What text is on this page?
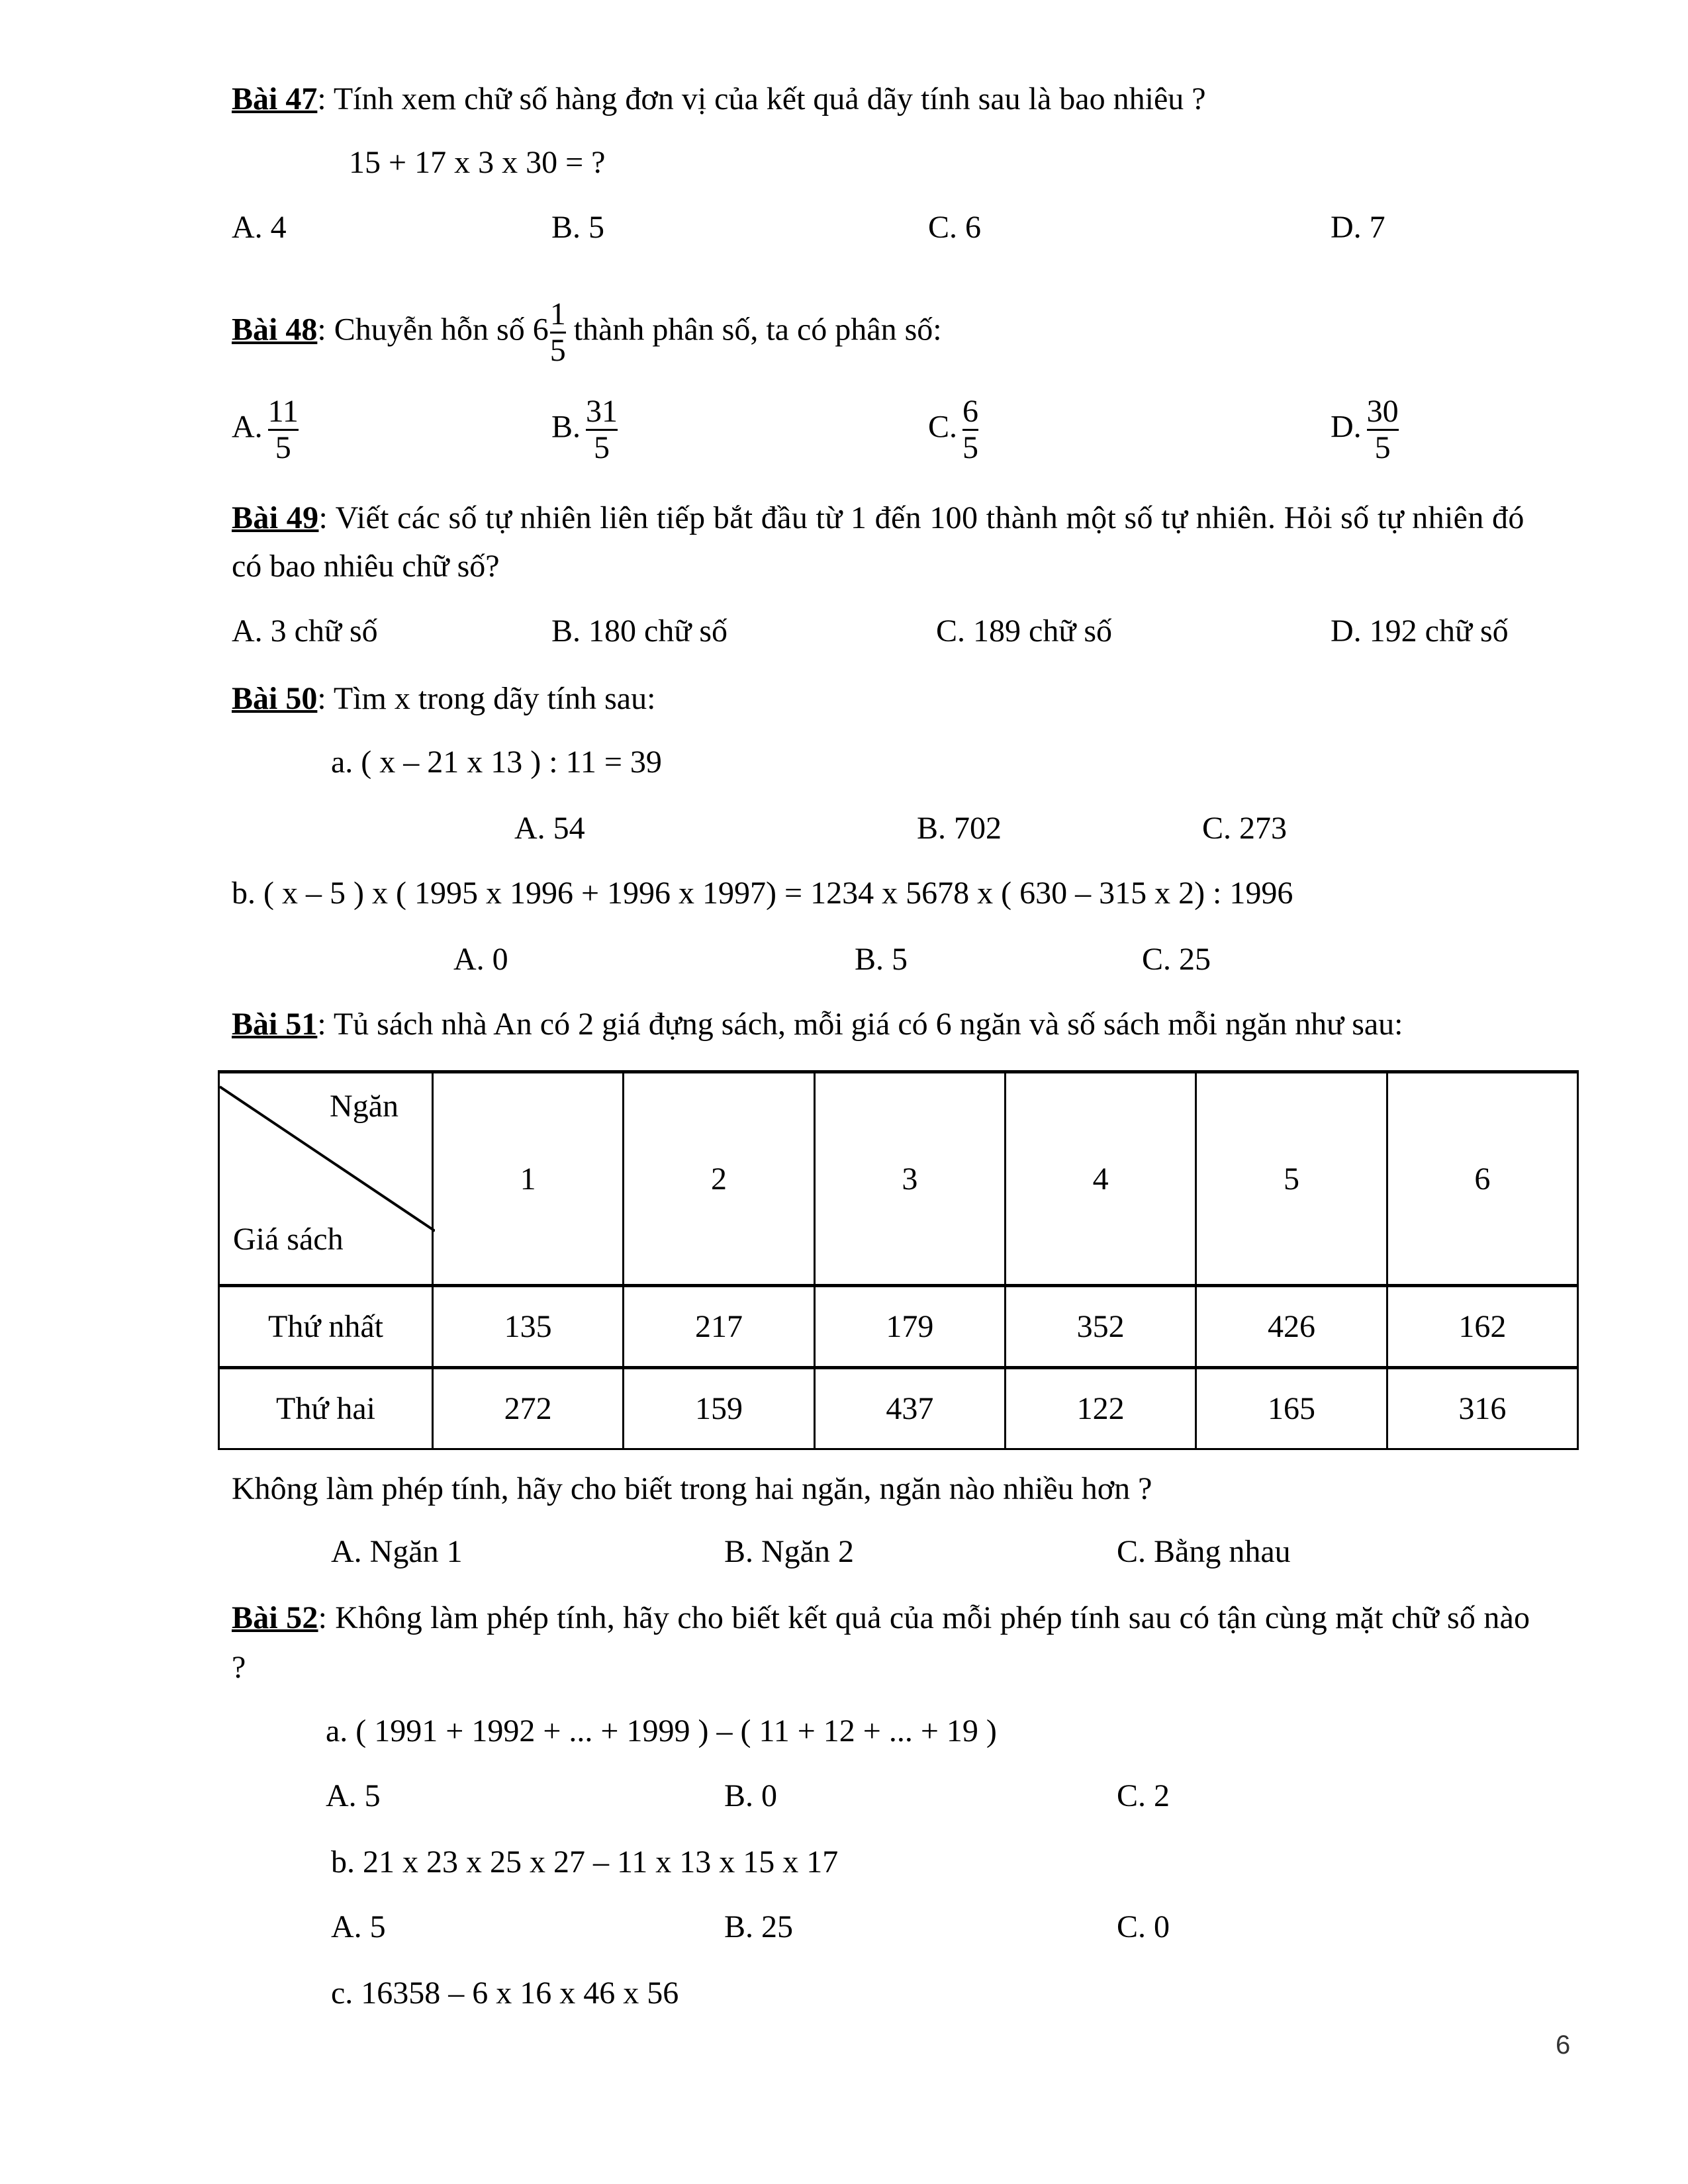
Bài 47: Tính xem chữ số hàng đơn vị của kết quả dãy tính sau là bao nhiêu ?
15 + 17 x 3 x 30 = ?
A. 4	B. 5	C. 6	D. 7
Bài 48: Chuyễn hỗn số $6 \frac{1}{5}$ thành phân số, ta có phân số:
A. $\frac{11}{5}$	B. $\frac{31}{5}$	C. $\frac{6}{5}$	D. $\frac{30}{5}$
Bài 49: Viết các số tự nhiên liên tiếp bắt đầu từ 1 đến 100 thành một số tự nhiên. Hỏi số tự nhiên đó
có bao nhiêu chữ số?
A. 3 chữ số	B. 180 chữ số	C. 189 chữ số	D. 192 chữ số
Bài 50: Tìm x trong dãy tính sau:
a. ( x – 21 x 13 ) : 11 = 39
A. 54	B. 702	C. 273
b. ( x – 5 ) x ( 1995 x 1996 + 1996 x 1997) = 1234 x 5678 x ( 630 – 315 x 2) : 1996
A. 0	B. 5	C. 25
Bài 51: Tủ sách nhà An có 2 giá đựng sách, mỗi giá có 6 ngăn và số sách mỗi ngăn như sau:
Ngăn
Giá sách	1	2	3	4	5	6
Thứ nhất	135	217	179	352	426	162
Thứ hai	272	159	437	122	165	316
Không làm phép tính, hãy cho biết trong hai ngăn, ngăn nào nhiều hơn ?
A. Ngăn 1	B. Ngăn 2	C. Bằng nhau
Bài 52: Không làm phép tính, hãy cho biết kết quả của mỗi phép tính sau có tận cùng mặt chữ số nào
?
a. ( 1991 + 1992 + ... + 1999 ) – ( 11 + 12 + ... + 19 )
A. 5	B. 0	C. 2
b. 21 x 23 x 25 x 27 – 11 x 13 x 15 x 17
A. 5	B. 25	C. 0
c. 16358 – 6 x 16 x 46 x 56
6
